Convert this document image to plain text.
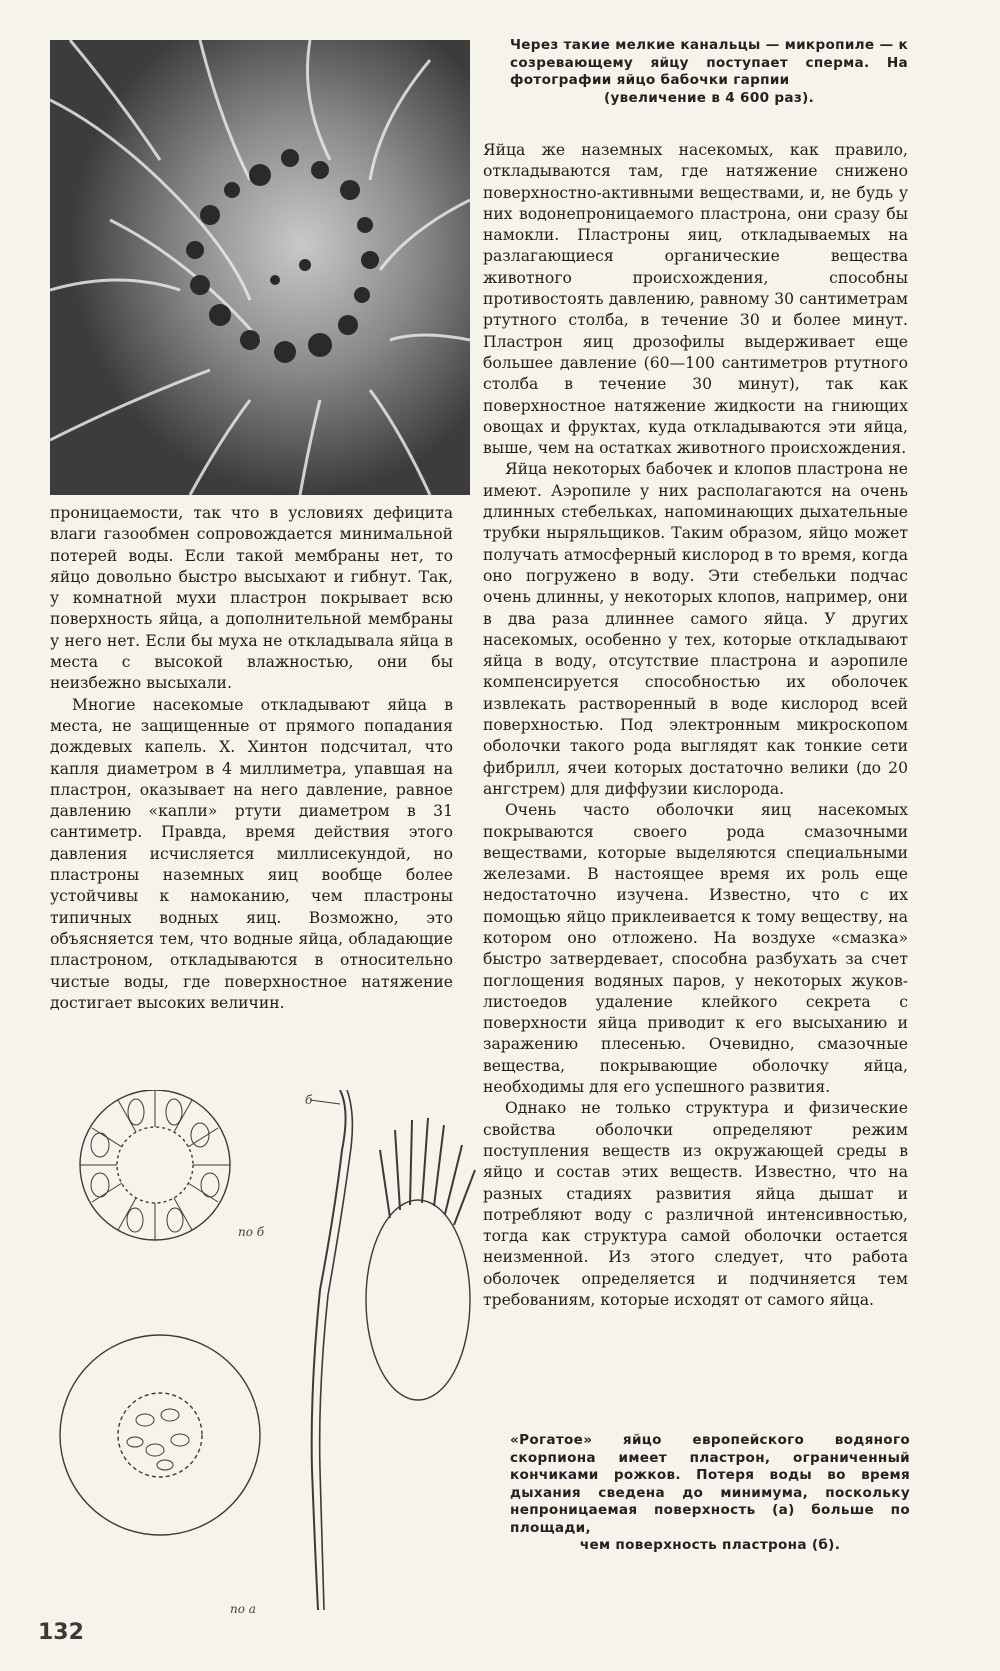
Через такие мелкие канальцы — микропиле — к созревающему яйцу поступает сперма. На фотографии яйцо бабочки гарпии
(увеличение в 4 600 раз).

проницаемости, так что в условиях дефицита влаги газообмен сопровождается минимальной потерей воды. Если такой мембраны нет, то яйцо довольно быстро высыхают и гибнут. Так, у комнатной мухи пластрон покрывает всю поверхность яйца, а дополнительной мембраны у него нет. Если бы муха не откладывала яйца в места с высокой влажностью, они бы неизбежно высыхали.

Многие насекомые откладывают яйца в места, не защищенные от прямого попадания дождевых капель. Х. Хинтон подсчитал, что капля диаметром в 4 миллиметра, упавшая на пластрон, оказывает на него давление, равное давлению «капли» ртути диаметром в 31 сантиметр. Правда, время действия этого давления исчисляется миллисекундой, но пластроны наземных яиц вообще более устойчивы к намоканию, чем пластроны типичных водных яиц. Возможно, это объясняется тем, что водные яйца, обладающие пластроном, откладываются в относительно чистые воды, где поверхностное натяжение достигает высоких величин.

Яйца же наземных насекомых, как правило, откладываются там, где натяжение снижено поверхностно-активными веществами, и, не будь у них водонепроницаемого пластрона, они сразу бы намокли. Пластроны яиц, откладываемых на разлагающиеся органические вещества животного происхождения, способны противостоять давлению, равному 30 сантиметрам ртутного столба, в течение 30 и более минут. Пластрон яиц дрозофилы выдерживает еще большее давление (60—100 сантиметров ртутного столба в течение 30 минут), так как поверхностное натяжение жидкости на гниющих овощах и фруктах, куда откладываются эти яйца, выше, чем на остатках животного происхождения.

Яйца некоторых бабочек и клопов пластрона не имеют. Аэропиле у них располагаются на очень длинных стебельках, напоминающих дыхательные трубки ныряльщиков. Таким образом, яйцо может получать атмосферный кислород в то время, когда оно погружено в воду. Эти стебельки подчас очень длинны, у некоторых клопов, например, они в два раза длиннее самого яйца. У других насекомых, особенно у тех, которые откладывают яйца в воду, отсутствие пластрона и аэропиле компенсируется способностью их оболочек извлекать растворенный в воде кислород всей поверхностью. Под электронным микроскопом оболочки такого рода выглядят как тонкие сети фибрилл, ячеи которых достаточно велики (до 20 ангстрем) для диффузии кислорода.

Очень часто оболочки яиц насекомых покрываются своего рода смазочными веществами, которые выделяются специальными железами. В настоящее время их роль еще недостаточно изучена. Известно, что с их помощью яйцо приклеивается к тому веществу, на котором оно отложено. На воздухе «смазка» быстро затвердевает, способна разбухать за счет поглощения водяных паров, у некоторых жуков-листоедов удаление клейкого секрета с поверхности яйца приводит к его высыханию и заражению плесенью. Очевидно, смазочные вещества, покрывающие оболочку яйца, необходимы для его успешного развития.

Однако не только структура и физические свойства оболочки определяют режим поступления веществ из окружающей среды в яйцо и состав этих веществ. Известно, что на разных стадиях развития яйца дышат и потребляют воду с различной интенсивностью, тогда как структура самой оболочки остается неизменной. Из этого следует, что работа оболочек определяется и подчиняется тем требованиям, которые исходят от самого яйца.

по б
б
по а
«Рогатое» яйцо европейского водяного скорпиона имеет пластрон, ограниченный кончиками рожков. Потеря воды во время дыхания сведена до минимума, поскольку непроницаемая поверхность (а) больше по площади,
чем поверхность пластрона (б).
132
